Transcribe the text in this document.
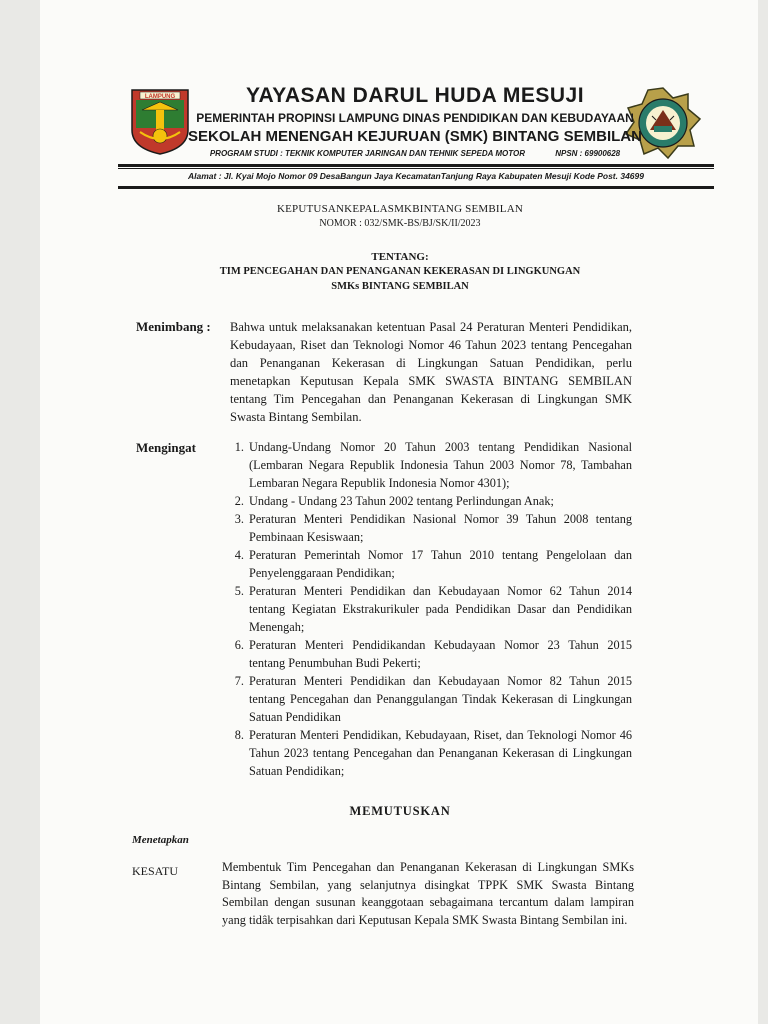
LAMPUNG	YAYASAN DARUL HUDA MESUJI
PEMERINTAH PROPINSI LAMPUNG DINAS PENDIDIKAN DAN KEBUDAYAAN
SEKOLAH MENENGAH KEJURUAN (SMK) BINTANG SEMBILAN
PROGRAM STUDI : TEKNIK KOMPUTER JARINGAN DAN TEHNIK SEPEDA MOTOR	NPSN : 69900628
Alamat : Jl. Kyai Mojo Nomor 09 DesaBangun Jaya KecamatanTanjung Raya Kabupaten Mesuji Kode Post. 34699
KEPUTUSANKEPALASMKBINTANG SEMBILAN
NOMOR : 032/SMK-BS/BJ/SK/II/2023
TENTANG:
TIM PENCEGAHAN DAN PENANGANAN KEKERASAN DI LINGKUNGAN
SMKs BINTANG SEMBILAN
Menimbang : Bahwa untuk melaksanakan ketentuan Pasal 24 Peraturan Menteri Pendidikan, Kebudayaan, Riset dan Teknologi Nomor 46 Tahun 2023 tentang Pencegahan dan Penanganan Kekerasan di Lingkungan Satuan Pendidikan, perlu menetapkan Keputusan Kepala SMK SWASTA BINTANG SEMBILAN tentang Tim Pencegahan dan Penanganan Kekerasan di Lingkungan SMK Swasta Bintang Sembilan.
Mengingat	1. Undang-Undang Nomor 20 Tahun 2003 tentang Pendidikan Nasional (Lembaran Negara Republik Indonesia Tahun 2003 Nomor 78, Tambahan Lembaran Negara Republik Indonesia Nomor 4301);
2. Undang - Undang 23 Tahun 2002 tentang Perlindungan Anak;
3. Peraturan Menteri Pendidikan Nasional Nomor 39 Tahun 2008 tentang Pembinaan Kesiswaan;
4. Peraturan Pemerintah Nomor 17 Tahun 2010 tentang Pengelolaan dan Penyelenggaraan Pendidikan;
5. Peraturan Menteri Pendidikan dan Kebudayaan Nomor 62 Tahun 2014 tentang Kegiatan Ekstrakurikuler pada Pendidikan Dasar dan Pendidikan Menengah;
6. Peraturan Menteri Pendidikandan Kebudayaan Nomor 23 Tahun 2015 tentang Penumbuhan Budi Pekerti;
7. Peraturan Menteri Pendidikan dan Kebudayaan Nomor 82 Tahun 2015 tentang Pencegahan dan Penanggulangan Tindak Kekerasan di Lingkungan Satuan Pendidikan
8. Peraturan Menteri Pendidikan, Kebudayaan, Riset, dan Teknologi Nomor 46 Tahun 2023 tentang Pencegahan dan Penanganan Kekerasan di Lingkungan Satuan Pendidikan;
MEMUTUSKAN
Menetapkan
KESATU	Membentuk Tim Pencegahan dan Penanganan Kekerasan di Lingkungan SMKs Bintang Sembilan, yang selanjutnya disingkat TPPK SMK Swasta Bintang Sembilan dengan susunan keanggotaan sebagaimana tercantum dalam lampiran yang tidâk terpisahkan dari Keputusan Kepala SMK Swasta Bintang Sembilan ini.
